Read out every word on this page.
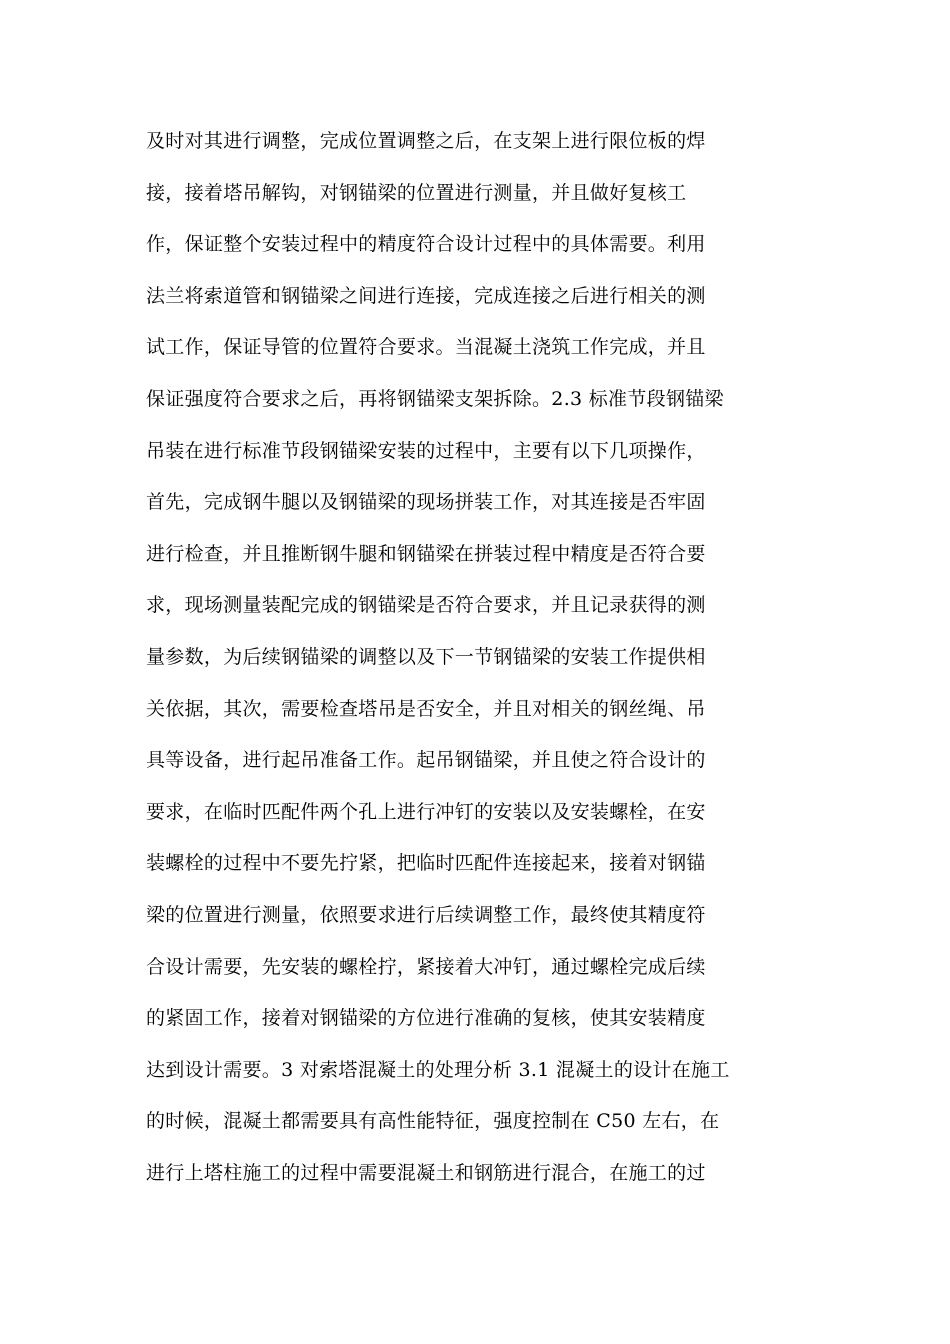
及时对其进行调整，完成位置调整之后，在支架上进行限位板的焊
接，接着塔吊解钩，对钢锚梁的位置进行测量，并且做好复核工
作，保证整个安装过程中的精度符合设计过程中的具体需要。利用
法兰将索道管和钢锚梁之间进行连接，完成连接之后进行相关的测
试工作，保证导管的位置符合要求。当混凝土浇筑工作完成，并且
保证强度符合要求之后，再将钢锚梁支架拆除。2.3 标准节段钢锚梁
吊装在进行标准节段钢锚梁安装的过程中，主要有以下几项操作，
首先，完成钢牛腿以及钢锚梁的现场拼装工作，对其连接是否牢固
进行检查，并且推断钢牛腿和钢锚梁在拼装过程中精度是否符合要
求，现场测量装配完成的钢锚梁是否符合要求，并且记录获得的测
量参数，为后续钢锚梁的调整以及下一节钢锚梁的安装工作提供相
关依据，其次，需要检查塔吊是否安全，并且对相关的钢丝绳、吊
具等设备，进行起吊准备工作。起吊钢锚梁，并且使之符合设计的
要求，在临时匹配件两个孔上进行冲钉的安装以及安装螺栓，在安
装螺栓的过程中不要先拧紧，把临时匹配件连接起来，接着对钢锚
梁的位置进行测量，依照要求进行后续调整工作，最终使其精度符
合设计需要，先安装的螺栓拧，紧接着大冲钉，通过螺栓完成后续
的紧固工作，接着对钢锚梁的方位进行准确的复核，使其安装精度
达到设计需要。3 对索塔混凝土的处理分析 3.1 混凝土的设计在施工
的时候，混凝土都需要具有高性能特征，强度控制在 C50 左右，在
进行上塔柱施工的过程中需要混凝土和钢筋进行混合，在施工的过
